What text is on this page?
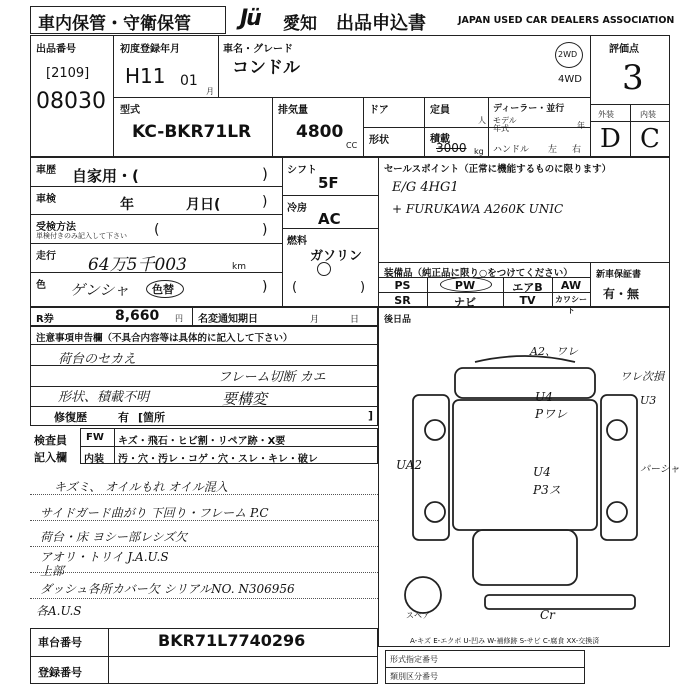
車内保管・守衛保管 Jü 愛知 出品申込書	JAPAN USED CAR DEALERS ASSOCIATION
出品番号
[2109]
08030
初度登録年月
H11 01
月
車名・グレード
コンドル
2WD
4WD
評価点
3
外装	内装
D C
型式
KC-BKR71LR
排気量
4800
CC
ドア
形状
定員
人
積載
3000 kg
ディーラー・並行
モデル年式	年
ハンドル 左 右
車歴 自家用・(	)
車検	年	月日(	)
受検方法
単検付きのみ記入して下さい (	)
走行 64万5千003	km
色 ゲンシャ 色替	)
シフト
5F
冷房
AC
燃料
ガソリン
(	)
セールスポイント（正常に機能するものに限ります）
E/G 4HG1
+ FURUKAWA A260K UNIC
装備品（純正品に限り○をつけてください）
PS	PW	エアB	AW
SR	ナビ	TV	カワシート
新車保証書
有・無
R券	8,660 円 名変通知期日	月	日	後日品
注意事項申告欄（不具合内容等は具体的に記入して下さい）
荷台のセカえ
フレーム切断 カエ
形状、積載不明	要構変
修復歴	有 [箇所	]
検査員
記入欄
FW キズ・飛石・ヒビ割・リペア跡・X要
内装 汚・穴・汚レ・コゲ・穴・スレ・キレ・破レ
キズミ、 オイルもれ オイル混入
サイドガード曲がり 下回り・フレーム P.C
荷台・床 ヨシー部レシズ欠
アオリ・トリイ J.A.U.S
上部
ダッシュ各所カバー欠 シリアルNO. N306956
各A.U.S
A2、ワレ
ワレ次損
U4
Pワレ
U3
UA2	U4
P3ス
パーシャ
スペア	Cr
A-キズ E-エクボ U-凹み W-補修跡 S-サビ C-腐食 XX-交換済
車台番号	BKR71L7740296
登録番号
形式指定番号
類別区分番号
